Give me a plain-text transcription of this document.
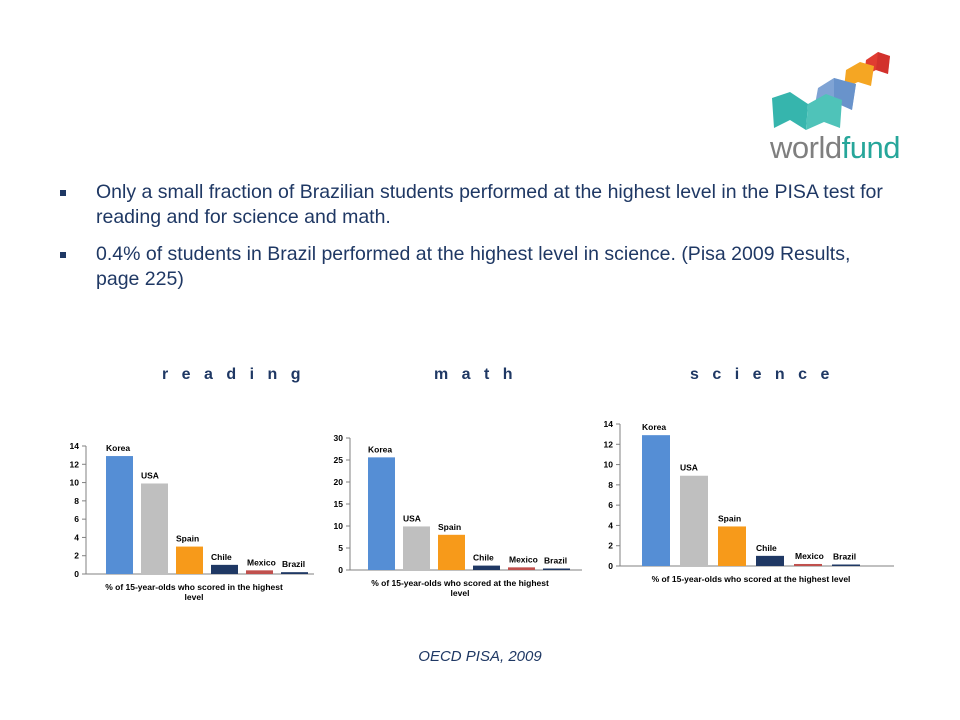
worldfund
Only a small fraction of Brazilian students performed at the highest level in the PISA test for reading and for science and math.
0.4% of students in Brazil performed at the highest level in science. (Pisa 2009 Results, page 225)
r e a d i n g	m a t h	s c i e n c e
0
2
4
6
8
10
12
14	Korea
USA
Spain
Chile
Mexico Brazil
% of 15-year-olds who scored in the highest
level
0
5
10
15
20
25
30
Korea
USA
Spain
Chile Mexico Brazil
% of 15-year-olds who scored at the highest
level
0
2
4
6
8
10
12
14	Korea
USA
Spain
Chile
Mexico Brazil
% of 15-year-olds who scored at the highest level
OECD PISA, 2009
